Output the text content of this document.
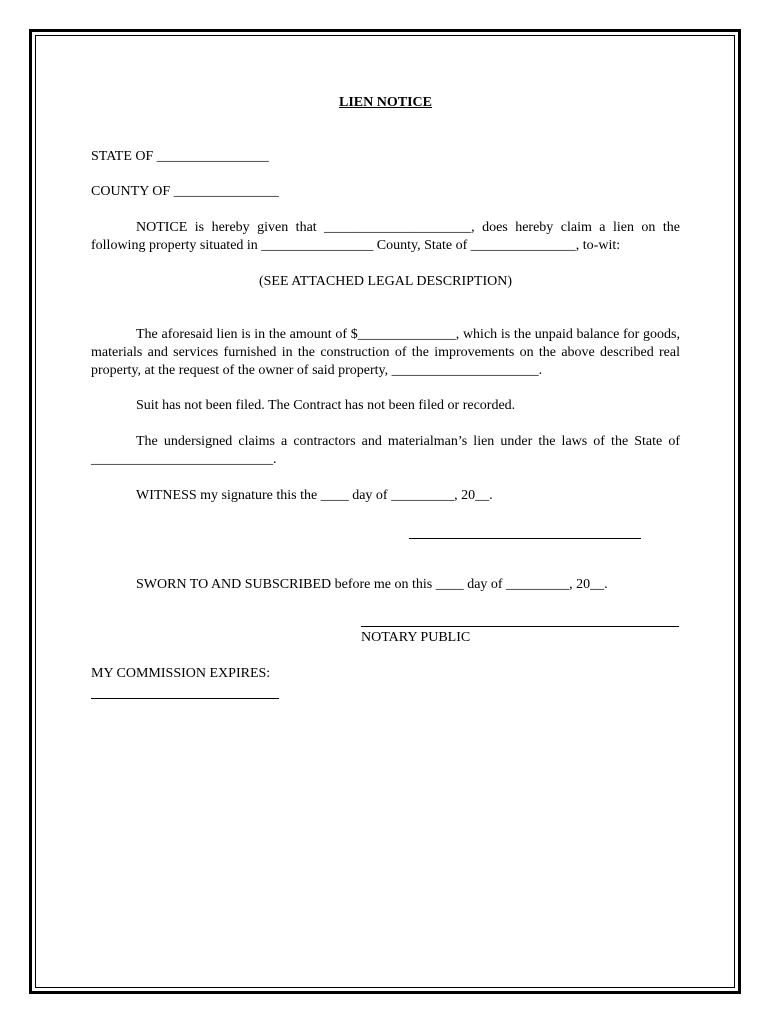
LIEN NOTICE
STATE OF ________________
COUNTY OF _______________
NOTICE is hereby given that _____________________, does hereby claim a lien on the following property situated in ________________ County, State of _______________, to-wit:
(SEE ATTACHED LEGAL DESCRIPTION)
The aforesaid lien is in the amount of $______________, which is the unpaid balance for goods, materials and services furnished in the construction of the improvements on the above described real property, at the request of the owner of said property, _____________________.
Suit has not been filed. The Contract has not been filed or recorded.
The undersigned claims a contractors and materialman’s lien under the laws of the State of __________________________.
WITNESS my signature this the ____ day of _________, 20__.
SWORN TO AND SUBSCRIBED before me on this ____ day of _________, 20__.
NOTARY PUBLIC
MY COMMISSION EXPIRES:
